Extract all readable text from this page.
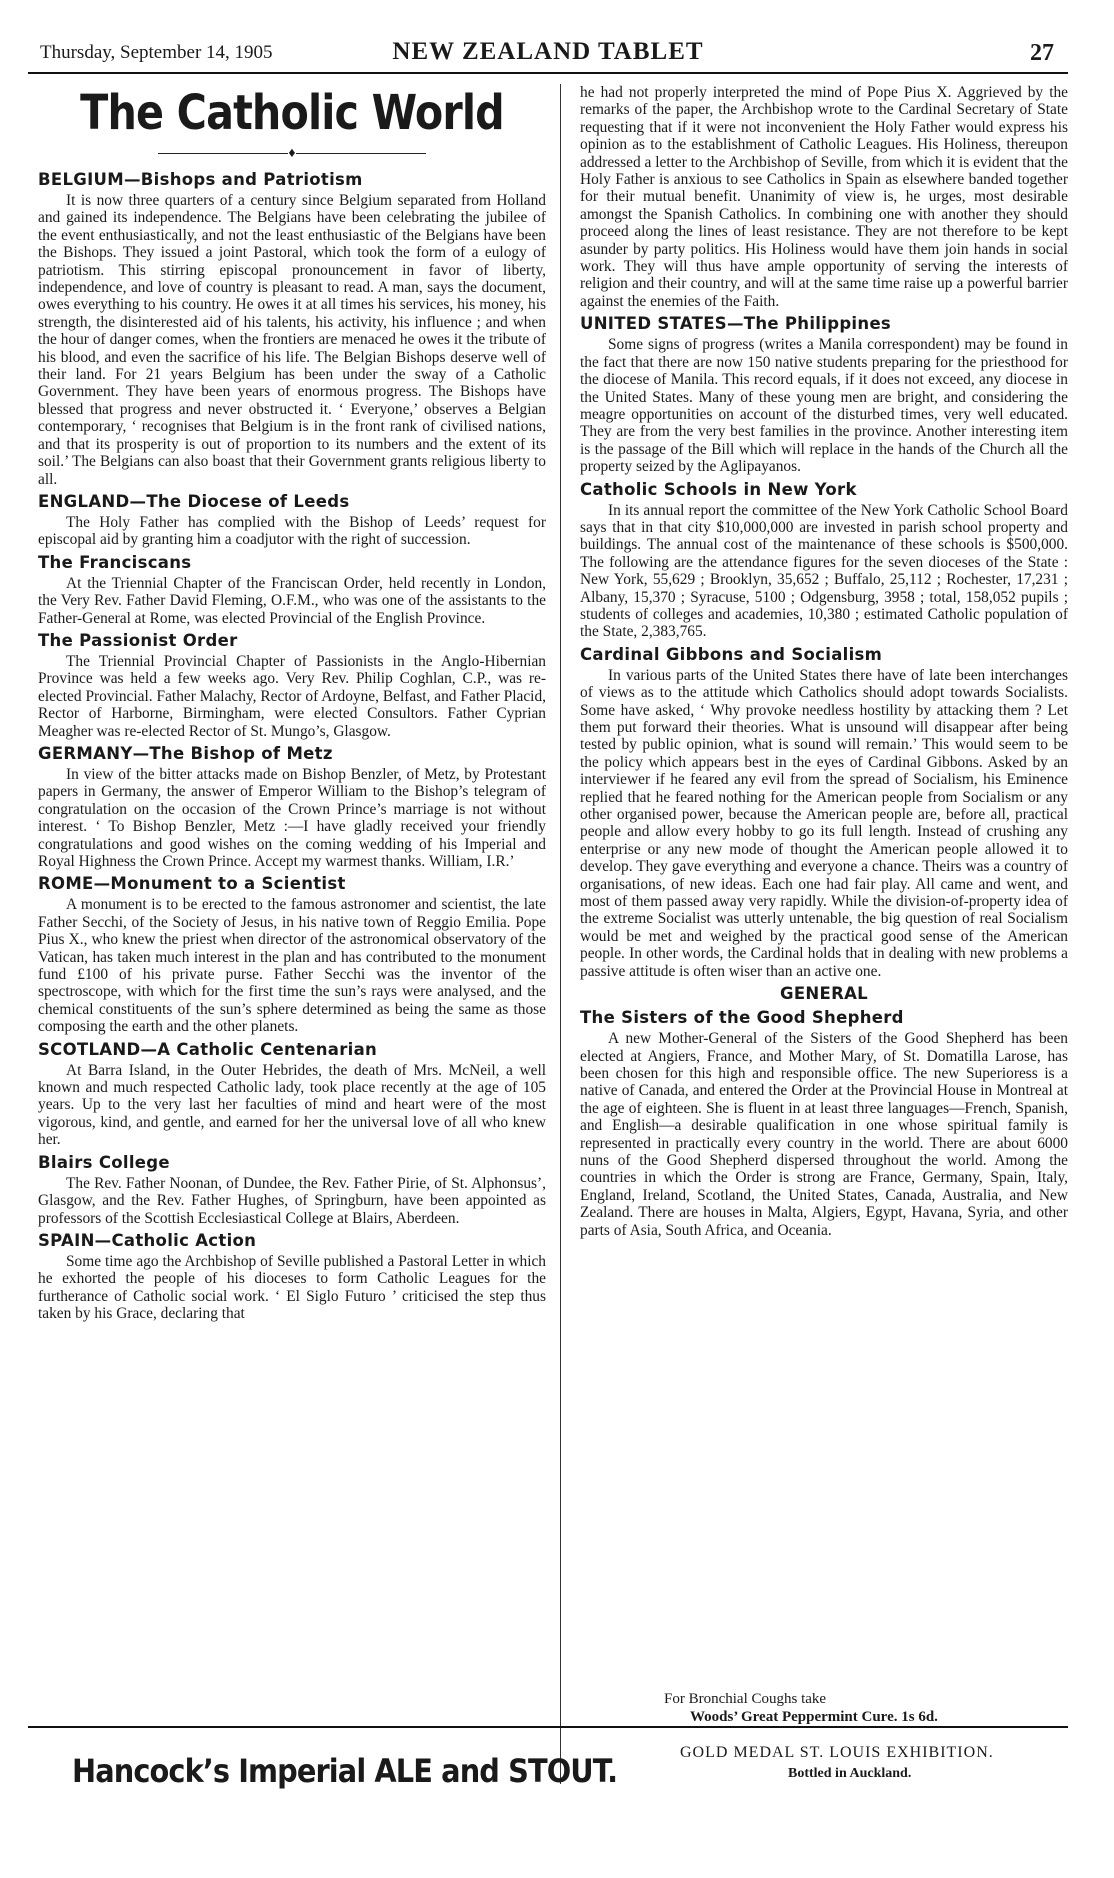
Thursday, September 14, 1905	NEW ZEALAND TABLET	27
The Catholic World
♦
BELGIUM—Bishops and Patriotism

It is now three quarters of a century since Belgium separated from Holland and gained its independence. The Belgians have been celebrating the jubilee of the event enthusiastically, and not the least enthusiastic of the Belgians have been the Bishops. They issued a joint Pastoral, which took the form of a eulogy of patriotism. This stirring episcopal pronouncement in favor of liberty, independence, and love of country is pleasant to read. A man, says the document, owes everything to his country. He owes it at all times his services, his money, his strength, the disinterested aid of his talents, his activity, his influence ; and when the hour of danger comes, when the frontiers are menaced he owes it the tribute of his blood, and even the sacrifice of his life. The Belgian Bishops deserve well of their land. For 21 years Belgium has been under the sway of a Catholic Government. They have been years of enormous progress. The Bishops have blessed that progress and never obstructed it. ‘ Everyone,’ observes a Belgian contemporary, ‘ recognises that Belgium is in the front rank of civilised nations, and that its prosperity is out of proportion to its numbers and the extent of its soil.’ The Belgians can also boast that their Government grants religious liberty to all.

ENGLAND—The Diocese of Leeds

The Holy Father has complied with the Bishop of Leeds’ request for episcopal aid by granting him a coadjutor with the right of succession.

The Franciscans

At the Triennial Chapter of the Franciscan Order, held recently in London, the Very Rev. Father David Fleming, O.F.M., who was one of the assistants to the Father-General at Rome, was elected Provincial of the English Province.

The Passionist Order

The Triennial Provincial Chapter of Passionists in the Anglo-Hibernian Province was held a few weeks ago. Very Rev. Philip Coghlan, C.P., was re-elected Provincial. Father Malachy, Rector of Ardoyne, Belfast, and Father Placid, Rector of Harborne, Birmingham, were elected Consultors. Father Cyprian Meagher was re-elected Rector of St. Mungo’s, Glasgow.

GERMANY—The Bishop of Metz

In view of the bitter attacks made on Bishop Benzler, of Metz, by Protestant papers in Germany, the answer of Emperor William to the Bishop’s telegram of congratulation on the occasion of the Crown Prince’s marriage is not without interest. ‘ To Bishop Benzler, Metz :—I have gladly received your friendly congratulations and good wishes on the coming wedding of his Imperial and Royal Highness the Crown Prince. Accept my warmest thanks. William, I.R.’

ROME—Monument to a Scientist

A monument is to be erected to the famous astronomer and scientist, the late Father Secchi, of the Society of Jesus, in his native town of Reggio Emilia. Pope Pius X., who knew the priest when director of the astronomical observatory of the Vatican, has taken much interest in the plan and has contributed to the monument fund £100 of his private purse. Father Secchi was the inventor of the spectroscope, with which for the first time the sun’s rays were analysed, and the chemical constituents of the sun’s sphere determined as being the same as those composing the earth and the other planets.

SCOTLAND—A Catholic Centenarian

At Barra Island, in the Outer Hebrides, the death of Mrs. McNeil, a well known and much respected Catholic lady, took place recently at the age of 105 years. Up to the very last her faculties of mind and heart were of the most vigorous, kind, and gentle, and earned for her the universal love of all who knew her.

Blairs College

The Rev. Father Noonan, of Dundee, the Rev. Father Pirie, of St. Alphonsus’, Glasgow, and the Rev. Father Hughes, of Springburn, have been appointed as professors of the Scottish Ecclesiastical College at Blairs, Aberdeen.

SPAIN—Catholic Action

Some time ago the Archbishop of Seville published a Pastoral Letter in which he exhorted the people of his dioceses to form Catholic Leagues for the furtherance of Catholic social work. ‘ El Siglo Futuro ’ criticised the step thus taken by his Grace, declaring that

he had not properly interpreted the mind of Pope Pius X. Aggrieved by the remarks of the paper, the Archbishop wrote to the Cardinal Secretary of State requesting that if it were not inconvenient the Holy Father would express his opinion as to the establishment of Catholic Leagues. His Holiness, thereupon addressed a letter to the Archbishop of Seville, from which it is evident that the Holy Father is anxious to see Catholics in Spain as elsewhere banded together for their mutual benefit. Unanimity of view is, he urges, most desirable amongst the Spanish Catholics. In combining one with another they should proceed along the lines of least resistance. They are not therefore to be kept asunder by party politics. His Holiness would have them join hands in social work. They will thus have ample opportunity of serving the interests of religion and their country, and will at the same time raise up a powerful barrier against the enemies of the Faith.

UNITED STATES—The Philippines

Some signs of progress (writes a Manila correspondent) may be found in the fact that there are now 150 native students preparing for the priesthood for the diocese of Manila. This record equals, if it does not exceed, any diocese in the United States. Many of these young men are bright, and considering the meagre opportunities on account of the disturbed times, very well educated. They are from the very best families in the province. Another interesting item is the passage of the Bill which will replace in the hands of the Church all the property seized by the Aglipayanos.

Catholic Schools in New York

In its annual report the committee of the New York Catholic School Board says that in that city $10,000,000 are invested in parish school property and buildings. The annual cost of the maintenance of these schools is $500,000. The following are the attendance figures for the seven dioceses of the State : New York, 55,629 ; Brooklyn, 35,652 ; Buffalo, 25,112 ; Rochester, 17,231 ; Albany, 15,370 ; Syracuse, 5100 ; Odgensburg, 3958 ; total, 158,052 pupils ; students of colleges and academies, 10,380 ; estimated Catholic population of the State, 2,383,765.

Cardinal Gibbons and Socialism

In various parts of the United States there have of late been interchanges of views as to the attitude which Catholics should adopt towards Socialists. Some have asked, ‘ Why provoke needless hostility by attacking them ? Let them put forward their theories. What is unsound will disappear after being tested by public opinion, what is sound will remain.’ This would seem to be the policy which appears best in the eyes of Cardinal Gibbons. Asked by an interviewer if he feared any evil from the spread of Socialism, his Eminence replied that he feared nothing for the American people from Socialism or any other organised power, because the American people are, before all, practical people and allow every hobby to go its full length. Instead of crushing any enterprise or any new mode of thought the American people allowed it to develop. They gave everything and everyone a chance. Theirs was a country of organisations, of new ideas. Each one had fair play. All came and went, and most of them passed away very rapidly. While the division-of-property idea of the extreme Socialist was utterly untenable, the big question of real Socialism would be met and weighed by the practical good sense of the American people. In other words, the Cardinal holds that in dealing with new problems a passive attitude is often wiser than an active one.

GENERAL
The Sisters of the Good Shepherd

A new Mother-General of the Sisters of the Good Shepherd has been elected at Angiers, France, and Mother Mary, of St. Domatilla Larose, has been chosen for this high and responsible office. The new Superioress is a native of Canada, and entered the Order at the Provincial House in Montreal at the age of eighteen. She is fluent in at least three languages—French, Spanish, and English—a desirable qualification in one whose spiritual family is represented in practically every country in the world. There are about 6000 nuns of the Good Shepherd dispersed throughout the world. Among the countries in which the Order is strong are France, Germany, Spain, Italy, England, Ireland, Scotland, the United States, Canada, Australia, and New Zealand. There are houses in Malta, Algiers, Egypt, Havana, Syria, and other parts of Asia, South Africa, and Oceania.

For Bronchial Coughs take
Woods’ Great Peppermint Cure. 1s 6d.
Hancock’s Imperial ALE and STOUT.	GOLD MEDAL ST. LOUIS EXHIBITION.
Bottled in Auckland.
